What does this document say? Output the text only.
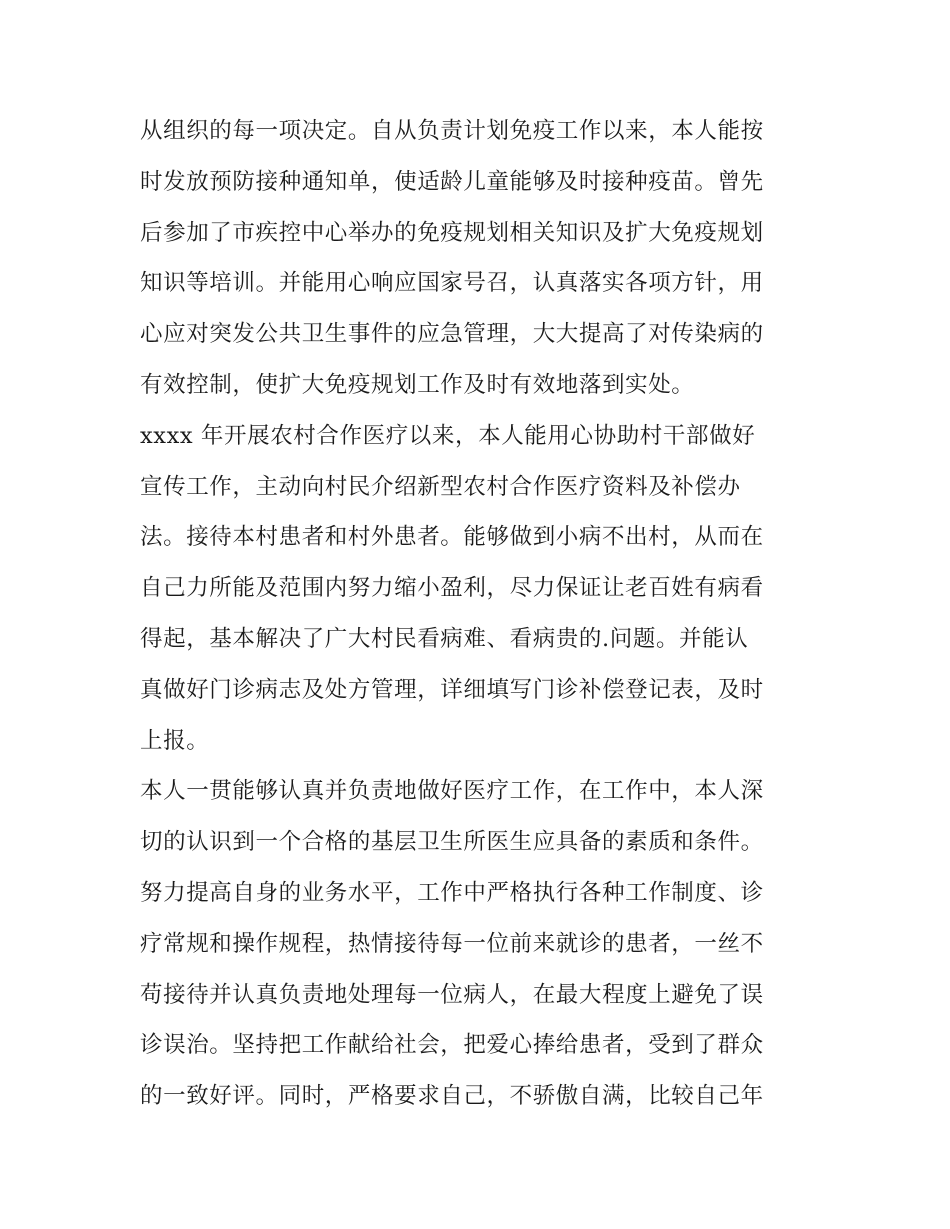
从组织的每一项决定。自从负责计划免疫工作以来，本人能按
时发放预防接种通知单，使适龄儿童能够及时接种疫苗。曾先
后参加了市疾控中心举办的免疫规划相关知识及扩大免疫规划
知识等培训。并能用心响应国家号召，认真落实各项方针，用
心应对突发公共卫生事件的应急管理，大大提高了对传染病的
有效控制，使扩大免疫规划工作及时有效地落到实处。
xxxx 年开展农村合作医疗以来，本人能用心协助村干部做好
宣传工作，主动向村民介绍新型农村合作医疗资料及补偿办
法。接待本村患者和村外患者。能够做到小病不出村，从而在
自己力所能及范围内努力缩小盈利，尽力保证让老百姓有病看
得起，基本解决了广大村民看病难、看病贵的.问题。并能认
真做好门诊病志及处方管理，详细填写门诊补偿登记表，及时
上报。
本人一贯能够认真并负责地做好医疗工作，在工作中，本人深
切的认识到一个合格的基层卫生所医生应具备的素质和条件。
努力提高自身的业务水平，工作中严格执行各种工作制度、诊
疗常规和操作规程，热情接待每一位前来就诊的患者，一丝不
苟接待并认真负责地处理每一位病人，在最大程度上避免了误
诊误治。坚持把工作献给社会，把爱心捧给患者，受到了群众
的一致好评。同时，严格要求自己，不骄傲自满，比较自己年
